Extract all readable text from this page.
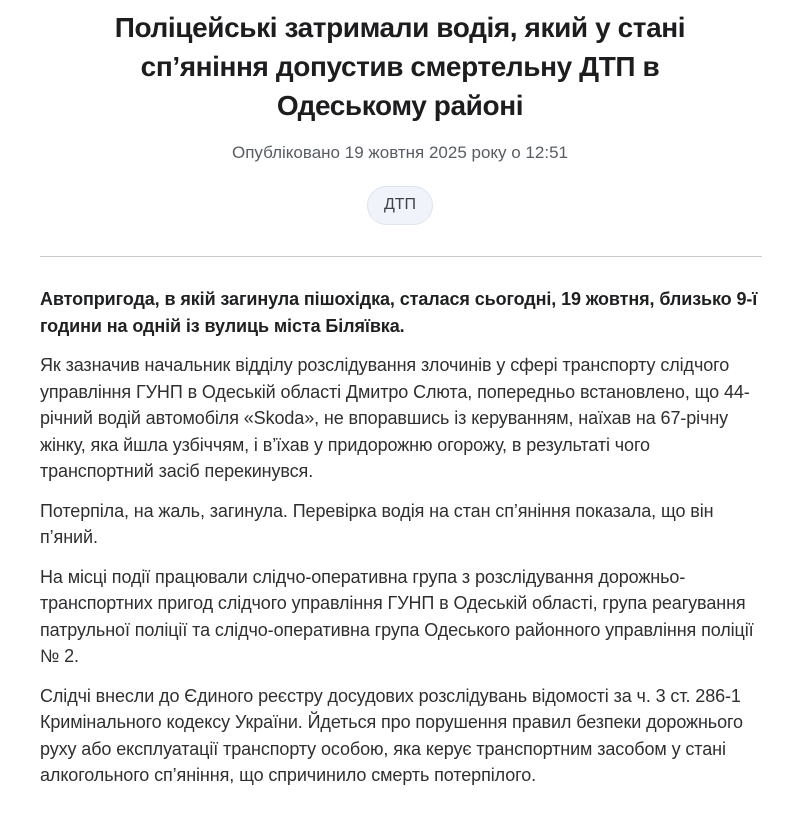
Поліцейські затримали водія, який у стані сп’яніння допустив смертельну ДТП в Одеському районі
Опубліковано 19 жовтня 2025 року о 12:51
ДТП

Автопригода, в якій загинула пішохідка, сталася сьогодні, 19 жовтня, близько 9-ї години на одній із вулиць міста Біляївка.

Як зазначив начальник відділу розслідування злочинів у сфері транспорту слідчого управління ГУНП в Одеській області Дмитро Слюта, попередньо встановлено, що 44-річний водій автомобіля «Skoda», не впоравшись із керуванням, наїхав на 67-річну жінку, яка йшла узбіччям, і в’їхав у придорожню огорожу, в результаті чого транспортний засіб перекинувся.

Потерпіла, на жаль, загинула. Перевірка водія на стан сп’яніння показала, що він п’яний.

На місці події працювали слідчо-оперативна група з розслідування дорожньо-транспортних пригод слідчого управління ГУНП в Одеській області, група реагування патрульної поліції та слідчо-оперативна група Одеського районного управління поліції № 2.

Слідчі внесли до Єдиного реєстру досудових розслідувань відомості за ч. 3 ст. 286-1 Кримінального кодексу України. Йдеться про порушення правил безпеки дорожнього руху або експлуатації транспорту особою, яка керує транспортним засобом у стані алкогольного сп’яніння, що спричинило смерть потерпілого.
